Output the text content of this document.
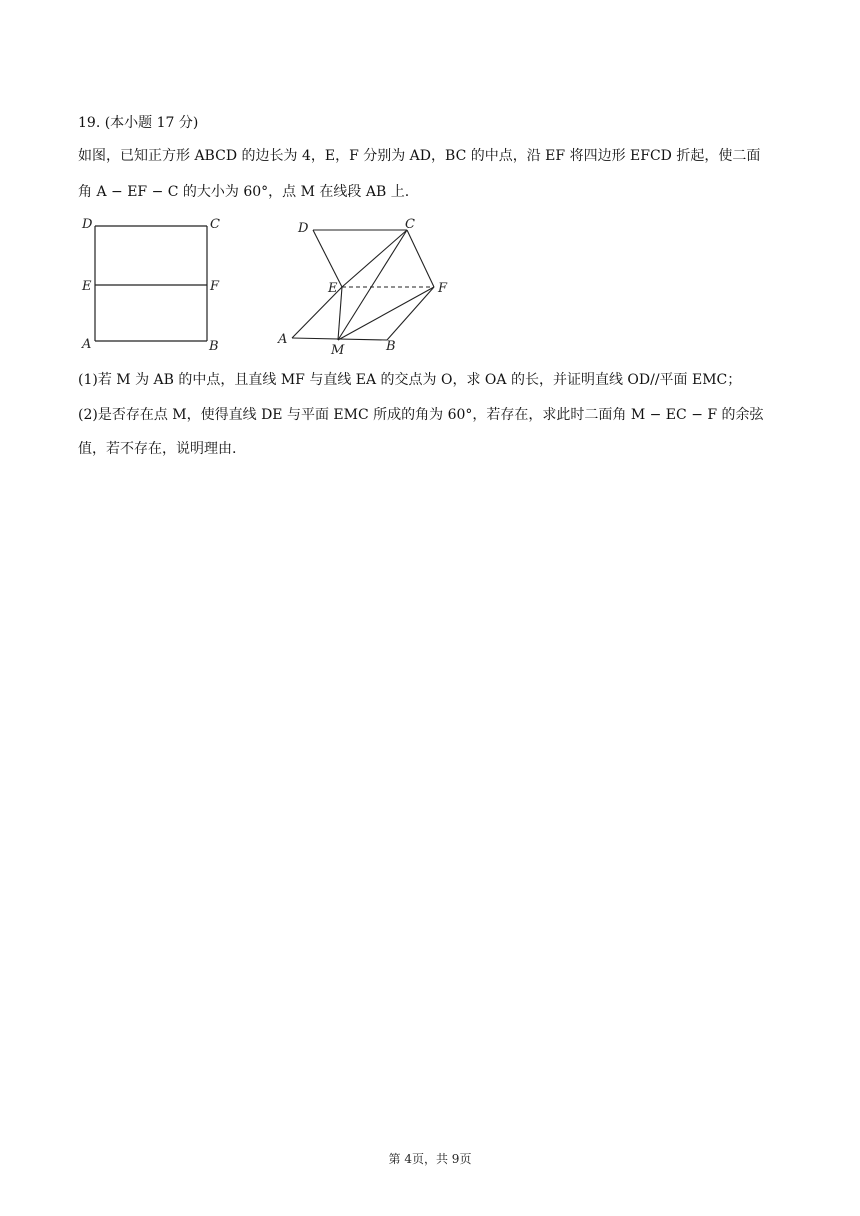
19. (本小题 17 分)
如图，已知正方形 ABCD 的边长为 4，E，F 分别为 AD，BC 的中点，沿 EF 将四边形 EFCD 折起，使二面
角 A − EF − C 的大小为 60°，点 M 在线段 AB 上.
D	C
E	F
A	B
D	C
E	F
A
M	B
(1)若 M 为 AB 的中点，且直线 MF 与直线 EA 的交点为 O，求 OA 的长，并证明直线 OD//平面 EMC；
(2)是否存在点 M，使得直线 DE 与平面 EMC 所成的角为 60°，若存在，求此时二面角 M − EC − F 的余弦
值，若不存在，说明理由.
第 4页，共 9页
